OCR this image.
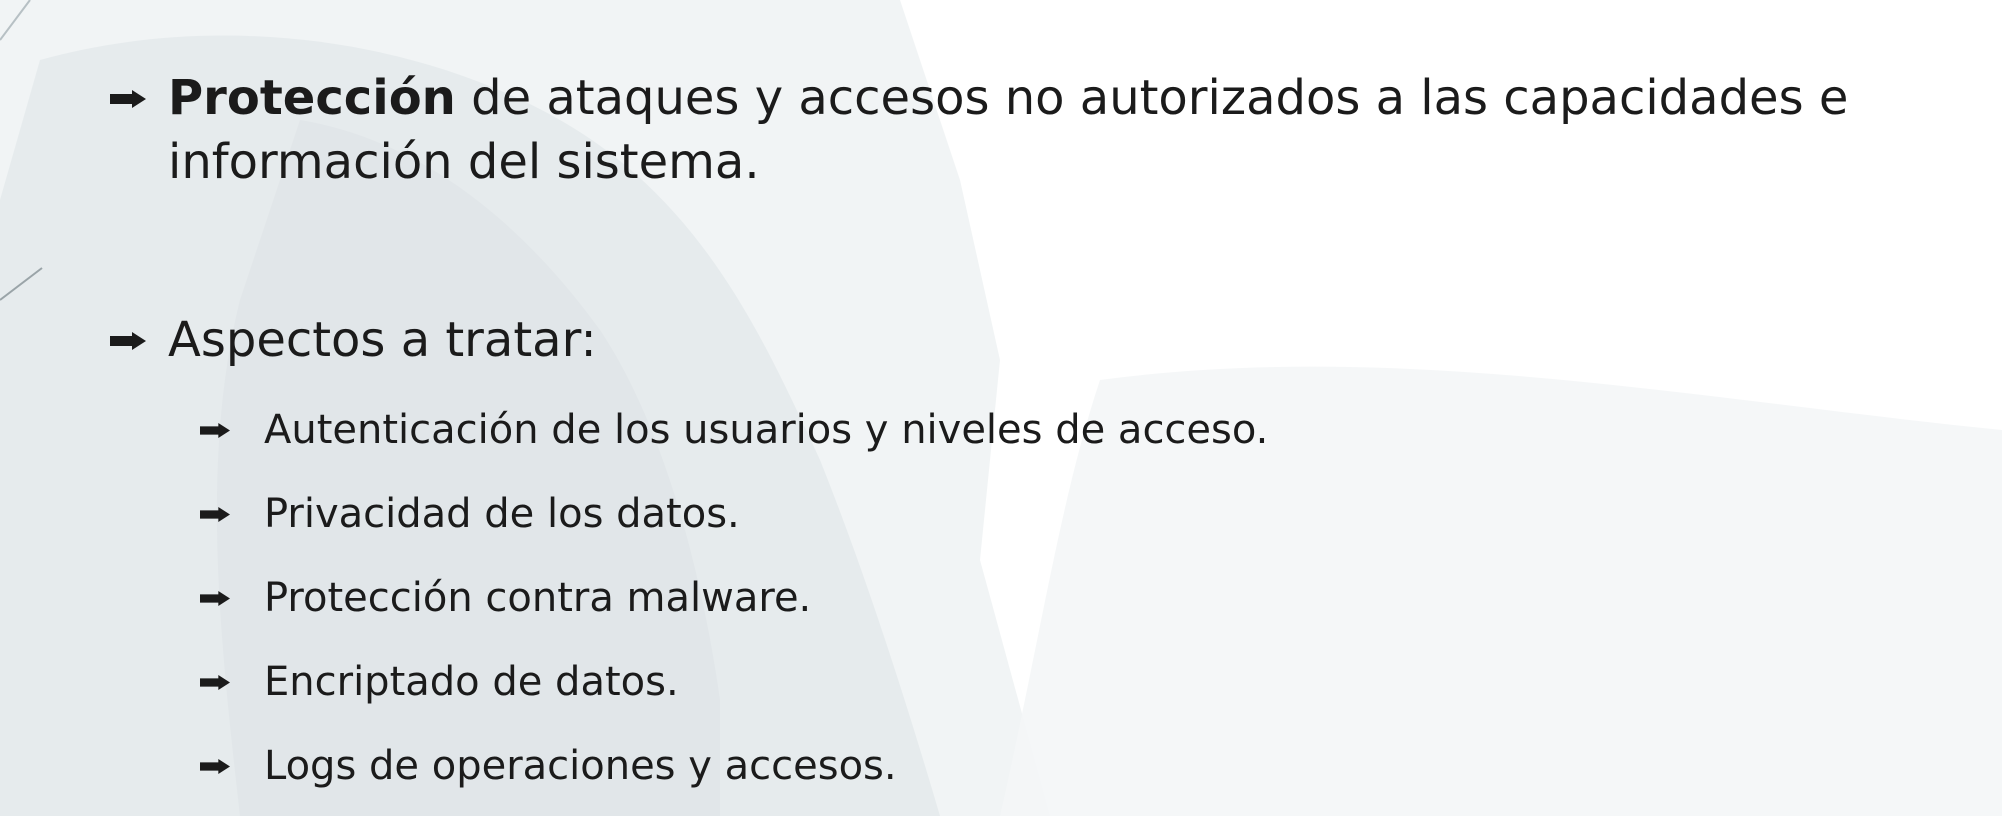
Protección de ataques y accesos no autorizados a las capacidades e información del sistema.
Aspectos a tratar:
Autenticación de los usuarios y niveles de acceso.
Privacidad de los datos.
Protección contra malware.
Encriptado de datos.
Logs de operaciones y accesos.
